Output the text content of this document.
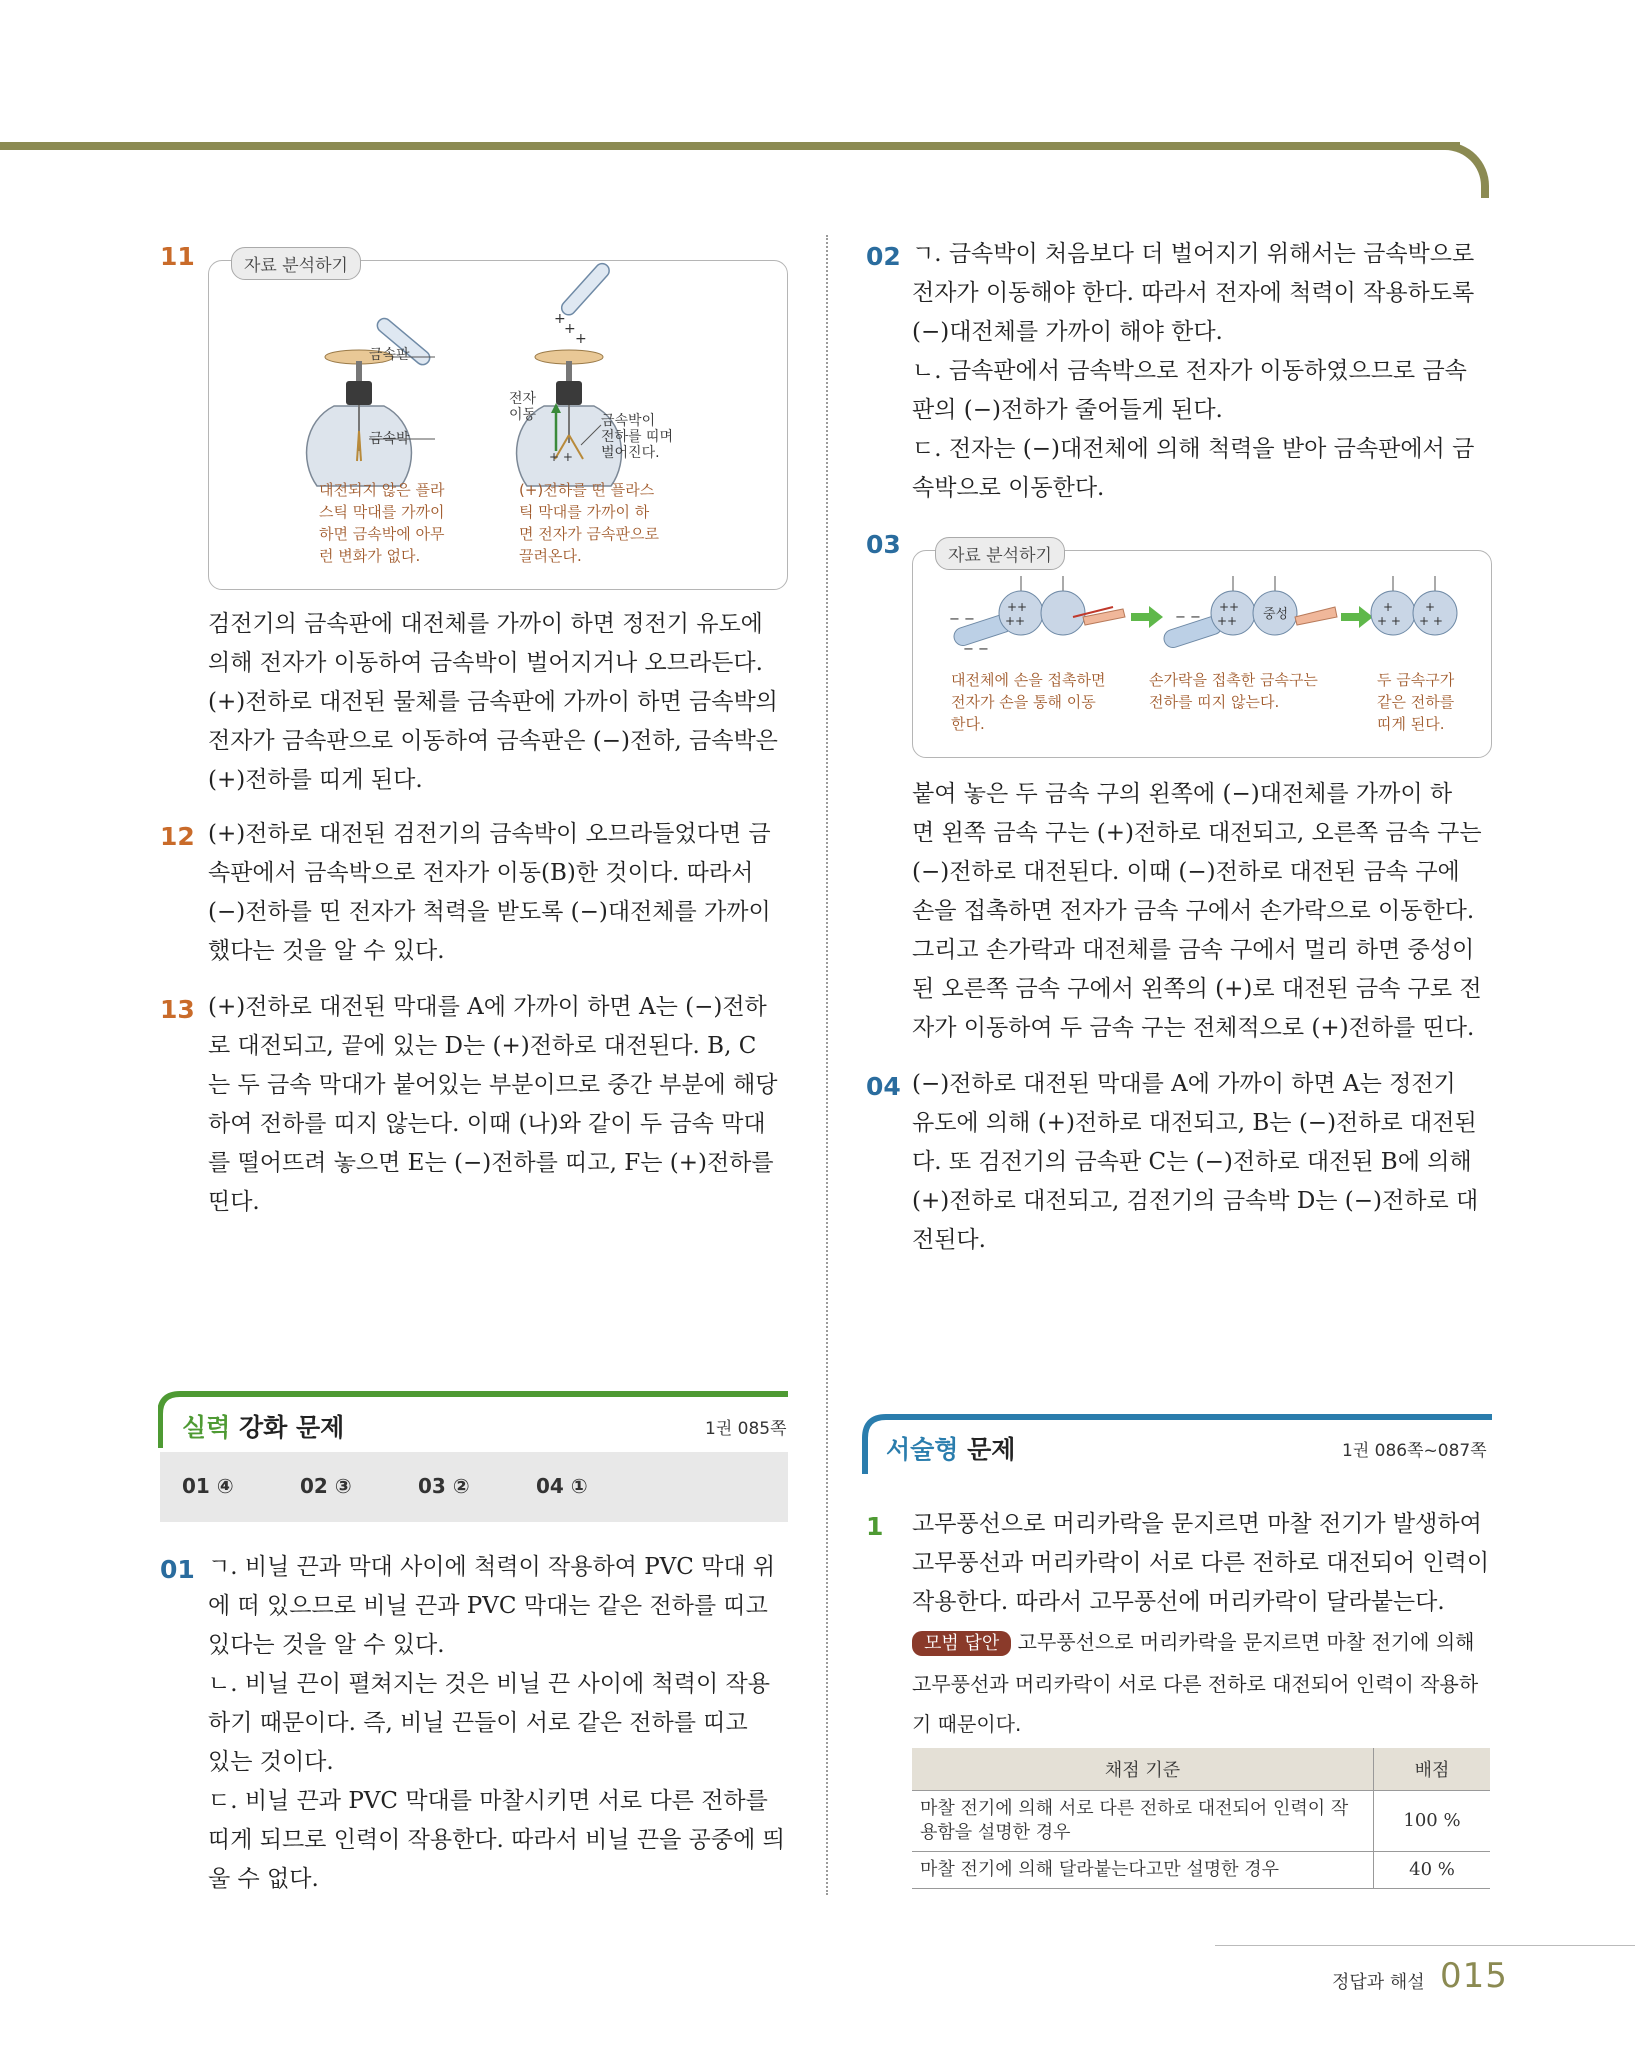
11	자료 분석하기
+
+
+
+ +
금속판
금속박
전자
이동	금속박이
전하를 띠며
벌어진다.
대전되지 않은 플라
스틱 막대를 가까이
하면 금속박에 아무
런 변화가 없다.
(+)전하를 띤 플라스
틱 막대를 가까이 하
면 전자가 금속판으로
끌려온다.

검전기의 금속판에 대전체를 가까이 하면 정전기 유도에

의해 전자가 이동하여 금속박이 벌어지거나 오므라든다.

(+)전하로 대전된 물체를 금속판에 가까이 하면 금속박의

전자가 금속판으로 이동하여 금속판은 (−)전하, 금속박은

(+)전하를 띠게 된다.

12 (+)전하로 대전된 검전기의 금속박이 오므라들었다면 금

속판에서 금속박으로 전자가 이동(B)한 것이다. 따라서

(−)전하를 띤 전자가 척력을 받도록 (−)대전체를 가까이

했다는 것을 알 수 있다.

13 (+)전하로 대전된 막대를 A에 가까이 하면 A는 (−)전하

로 대전되고, 끝에 있는 D는 (+)전하로 대전된다. B, C

는 두 금속 막대가 붙어있는 부분이므로 중간 부분에 해당

하여 전하를 띠지 않는다. 이때 (나)와 같이 두 금속 막대

를 떨어뜨려 놓으면 E는 (−)전하를 띠고, F는 (+)전하를

띤다.

실력 강화 문제	1권 085쪽
01 ④	02 ③	03 ②	04 ①
01 ㄱ. 비닐 끈과 막대 사이에 척력이 작용하여 PVC 막대 위

에 떠 있으므로 비닐 끈과 PVC 막대는 같은 전하를 띠고

있다는 것을 알 수 있다.

ㄴ. 비닐 끈이 펼쳐지는 것은 비닐 끈 사이에 척력이 작용

하기 때문이다. 즉, 비닐 끈들이 서로 같은 전하를 띠고

있는 것이다.

ㄷ. 비닐 끈과 PVC 막대를 마찰시키면 서로 다른 전하를

띠게 되므로 인력이 작용한다. 따라서 비닐 끈을 공중에 띄

울 수 없다.

02 ㄱ. 금속박이 처음보다 더 벌어지기 위해서는 금속박으로

전자가 이동해야 한다. 따라서 전자에 척력이 작용하도록

(−)대전체를 가까이 해야 한다.

ㄴ. 금속판에서 금속박으로 전자가 이동하였으므로 금속

판의 (−)전하가 줄어들게 된다.

ㄷ. 전자는 (−)대전체에 의해 척력을 받아 금속판에서 금

속박으로 이동한다.

03	자료 분석하기
− −
− −
++
++	− −
++
++
+
+ +
+
+ +
중성
대전체에 손을 접촉하면
전자가 손을 통해 이동
한다.
손가락을 접촉한 금속구는
전하를 띠지 않는다.
두 금속구가
같은 전하를
띠게 된다.

붙여 놓은 두 금속 구의 왼쪽에 (−)대전체를 가까이 하

면 왼쪽 금속 구는 (+)전하로 대전되고, 오른쪽 금속 구는

(−)전하로 대전된다. 이때 (−)전하로 대전된 금속 구에

손을 접촉하면 전자가 금속 구에서 손가락으로 이동한다.

그리고 손가락과 대전체를 금속 구에서 멀리 하면 중성이

된 오른쪽 금속 구에서 왼쪽의 (+)로 대전된 금속 구로 전

자가 이동하여 두 금속 구는 전체적으로 (+)전하를 띤다.

04 (−)전하로 대전된 막대를 A에 가까이 하면 A는 정전기

유도에 의해 (+)전하로 대전되고, B는 (−)전하로 대전된

다. 또 검전기의 금속판 C는 (−)전하로 대전된 B에 의해

(+)전하로 대전되고, 검전기의 금속박 D는 (−)전하로 대

전된다.

서술형 문제	1권 086쪽~087쪽
1 고무풍선으로 머리카락을 문지르면 마찰 전기가 발생하여

고무풍선과 머리카락이 서로 다른 전하로 대전되어 인력이

작용한다. 따라서 고무풍선에 머리카락이 달라붙는다.

모범 답안 고무풍선으로 머리카락을 문지르면 마찰 전기에 의해
고무풍선과 머리카락이 서로 다른 전하로 대전되어 인력이 작용하
기 때문이다.
채점 기준	배점
마찰 전기에 의해 서로 다른 전하로 대전되어 인력이 작용함을 설명한 경우	100 %
마찰 전기에 의해 달라붙는다고만 설명한 경우	40 %
정답과 해설 015
